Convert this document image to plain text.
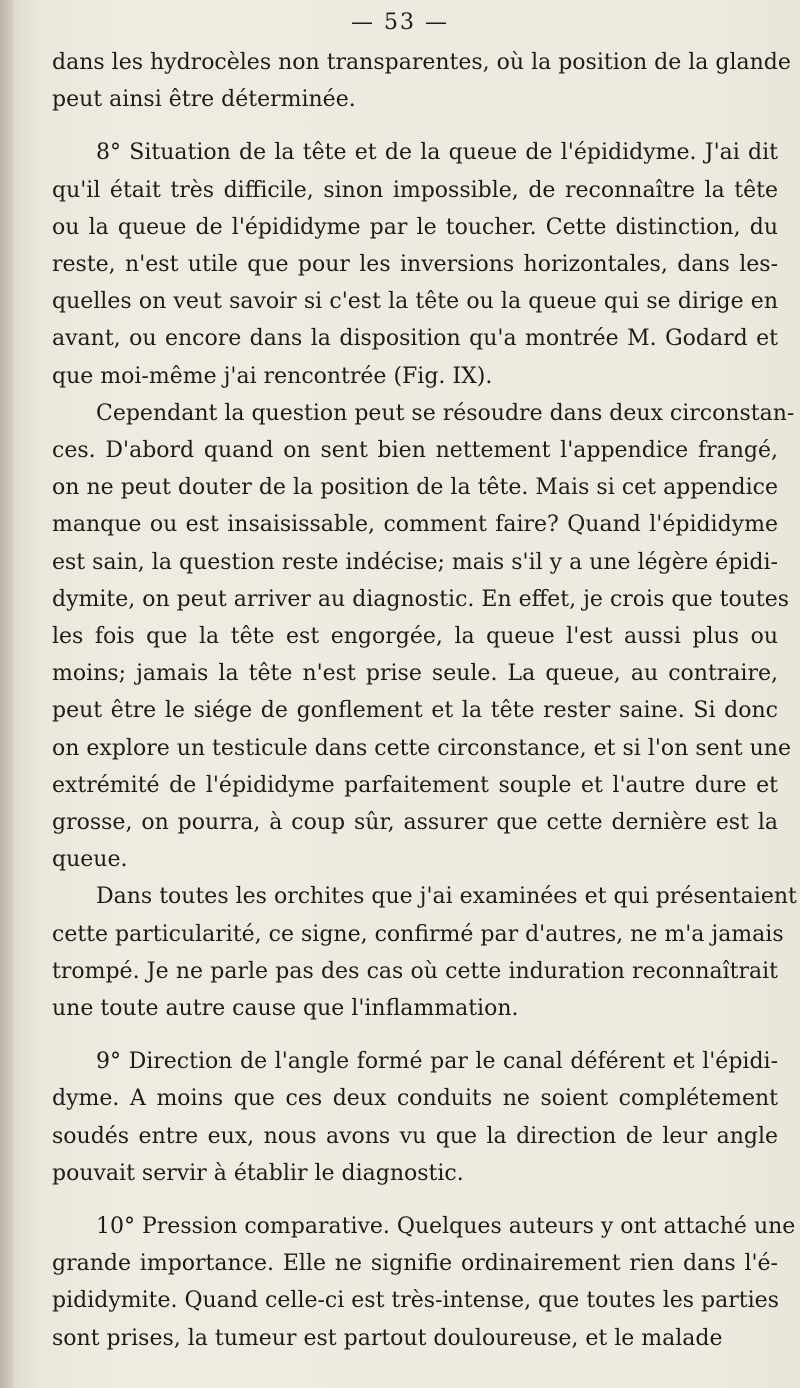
— 53 —
dans les hydrocèles non transparentes, où la position de la glande
peut ainsi être déterminée.
8° Situation de la tête et de la queue de l'épididyme. J'ai dit
qu'il était très difficile, sinon impossible, de reconnaître la tête
ou la queue de l'épididyme par le toucher. Cette distinction, du
reste, n'est utile que pour les inversions horizontales, dans les-
quelles on veut savoir si c'est la tête ou la queue qui se dirige en
avant, ou encore dans la disposition qu'a montrée M. Godard et
que moi-même j'ai rencontrée (Fig. IX).
Cependant la question peut se résoudre dans deux circonstan-
ces. D'abord quand on sent bien nettement l'appendice frangé,
on ne peut douter de la position de la tête. Mais si cet appendice
manque ou est insaisissable, comment faire? Quand l'épididyme
est sain, la question reste indécise; mais s'il y a une légère épidi-
dymite, on peut arriver au diagnostic. En effet, je crois que toutes
les fois que la tête est engorgée, la queue l'est aussi plus ou
moins; jamais la tête n'est prise seule. La queue, au contraire,
peut être le siége de gonflement et la tête rester saine. Si donc
on explore un testicule dans cette circonstance, et si l'on sent une
extrémité de l'épididyme parfaitement souple et l'autre dure et
grosse, on pourra, à coup sûr, assurer que cette dernière est la
queue.
Dans toutes les orchites que j'ai examinées et qui présentaient
cette particularité, ce signe, confirmé par d'autres, ne m'a jamais
trompé. Je ne parle pas des cas où cette induration reconnaîtrait
une toute autre cause que l'inflammation.
9° Direction de l'angle formé par le canal déférent et l'épidi-
dyme. A moins que ces deux conduits ne soient complétement
soudés entre eux, nous avons vu que la direction de leur angle
pouvait servir à établir le diagnostic.
10° Pression comparative. Quelques auteurs y ont attaché une
grande importance. Elle ne signifie ordinairement rien dans l'é-
pididymite. Quand celle-ci est très-intense, que toutes les parties
sont prises, la tumeur est partout douloureuse, et le malade
